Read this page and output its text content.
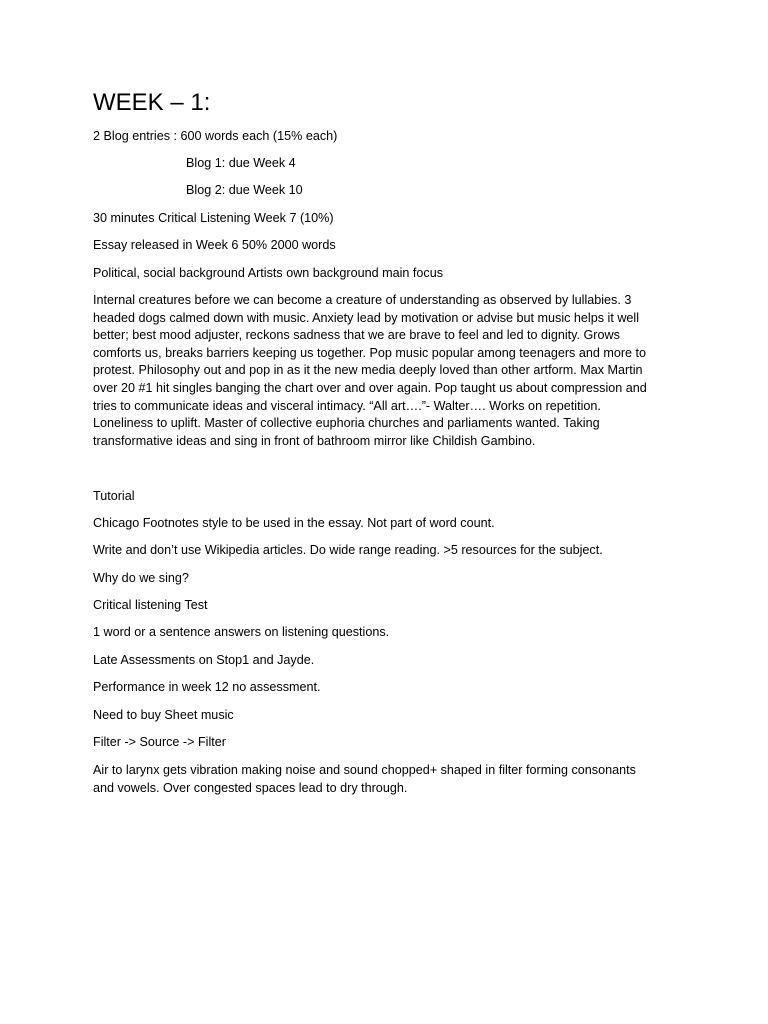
WEEK – 1:

2 Blog entries : 600 words each (15% each)

Blog 1: due Week 4

Blog 2: due Week 10

30 minutes Critical Listening Week 7 (10%)

Essay released in Week 6 50% 2000 words

Political, social background Artists own background main focus

Internal creatures before we can become a creature of understanding as observed by lullabies. 3
headed dogs calmed down with music. Anxiety lead by motivation or advise but music helps it well
better; best mood adjuster, reckons sadness that we are brave to feel and led to dignity. Grows
comforts us, breaks barriers keeping us together. Pop music popular among teenagers and more to
protest. Philosophy out and pop in as it the new media deeply loved than other artform. Max Martin
over 20 #1 hit singles banging the chart over and over again. Pop taught us about compression and
tries to communicate ideas and visceral intimacy. “All art….”- Walter…. Works on repetition.
Loneliness to uplift. Master of collective euphoria churches and parliaments wanted. Taking
transformative ideas and sing in front of bathroom mirror like Childish Gambino.

Tutorial

Chicago Footnotes style to be used in the essay. Not part of word count.

Write and don’t use Wikipedia articles. Do wide range reading. >5 resources for the subject.

Why do we sing?

Critical listening Test

1 word or a sentence answers on listening questions.

Late Assessments on Stop1 and Jayde.

Performance in week 12 no assessment.

Need to buy Sheet music

Filter -> Source -> Filter

Air to larynx gets vibration making noise and sound chopped+ shaped in filter forming consonants
and vowels. Over congested spaces lead to dry through.
